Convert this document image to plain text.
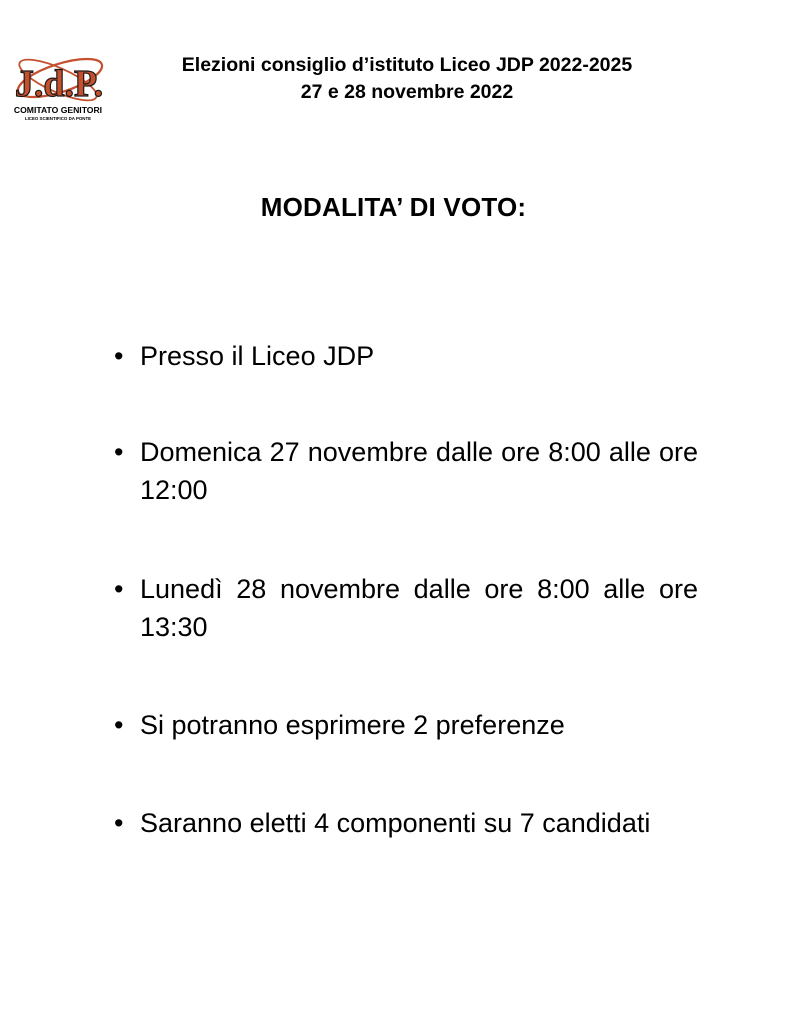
J.d.P.
COMITATO GENITORI
LICEO SCIENTIFICO DA PONTE
Elezioni consiglio d’istituto Liceo JDP 2022-2025
27 e 28 novembre 2022
MODALITA’ DI VOTO:
• Presso il Liceo JDP
• Domenica 27 novembre dalle ore 8:00 alle ore 12:00
• Lunedì 28 novembre dalle ore 8:00 alle ore 13:30
• Si potranno esprimere 2 preferenze
• Saranno eletti 4 componenti su 7 candidati
